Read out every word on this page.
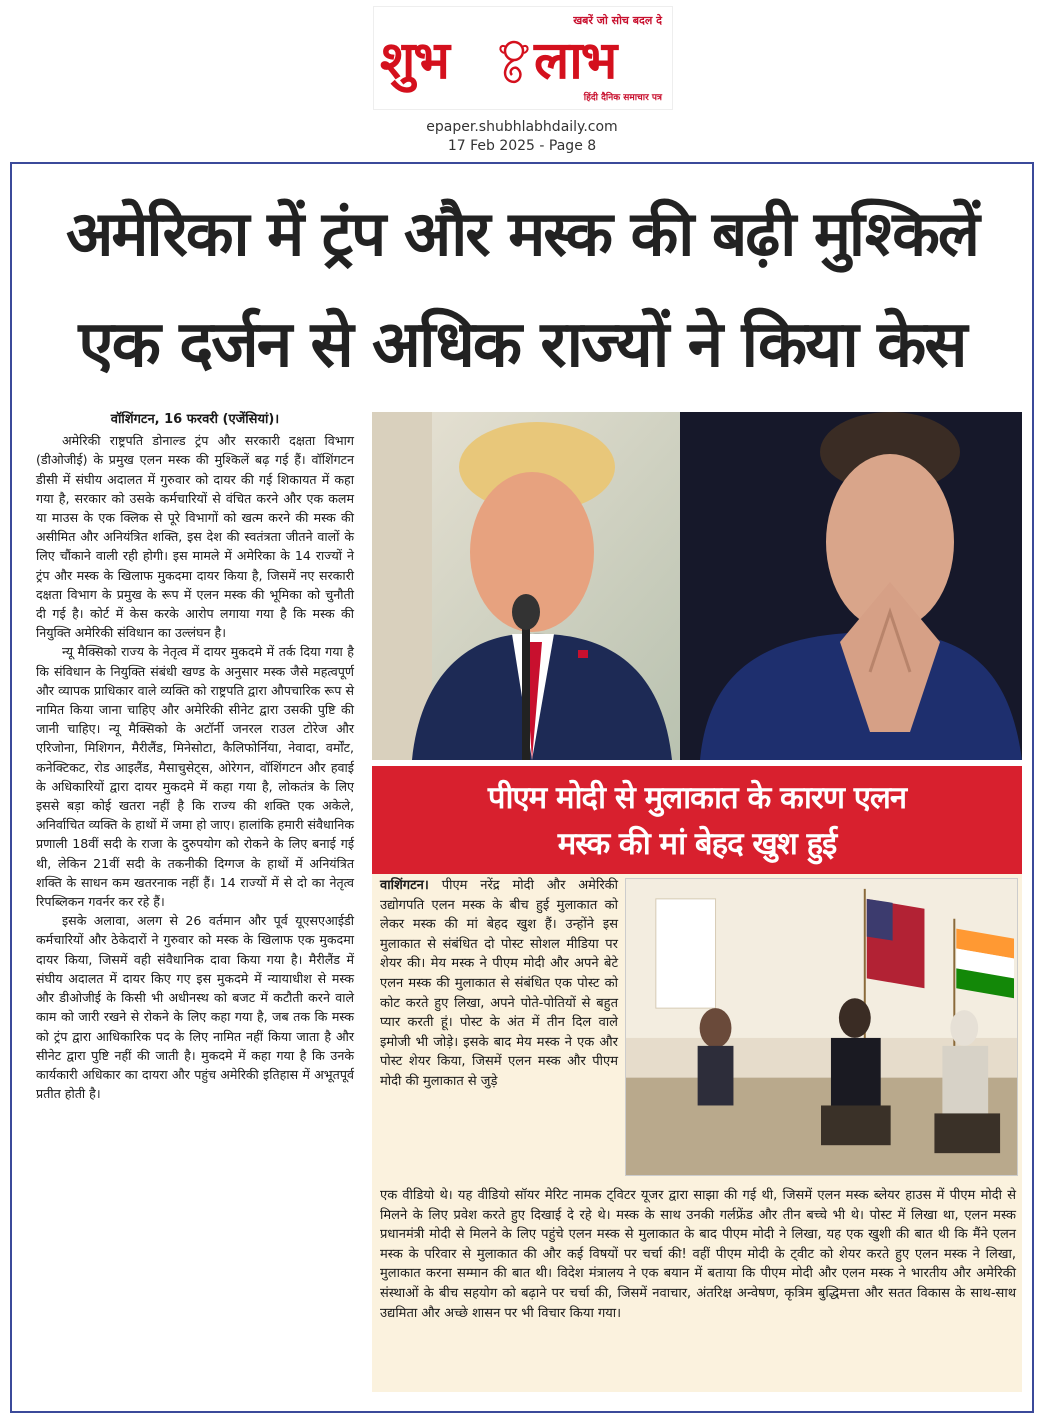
खबरें जो सोच बदल दे
शुभ लाभ
हिंदी दैनिक समाचार पत्र
epaper.shubhlabhdaily.com
17 Feb 2025 - Page 8
अमेरिका में ट्रंप और मस्क की बढ़ी मुश्किलें
एक दर्जन से अधिक राज्यों ने किया केस
वॉशिंगटन, 16 फरवरी (एजेंसियां)।

अमेरिकी राष्ट्रपति डोनाल्ड ट्रंप और सरकारी दक्षता विभाग (डीओजीई) के प्रमुख एलन मस्क की मुश्किलें बढ़ गई हैं। वॉशिंगटन डीसी में संघीय अदालत में गुरुवार को दायर की गई शिकायत में कहा गया है, सरकार को उसके कर्मचारियों से वंचित करने और एक कलम या माउस के एक क्लिक से पूरे विभागों को खत्म करने की मस्क की असीमित और अनियंत्रित शक्ति, इस देश की स्वतंत्रता जीतने वालों के लिए चौंकाने वाली रही होगी। इस मामले में अमेरिका के 14 राज्यों ने ट्रंप और मस्क के खिलाफ मुकदमा दायर किया है, जिसमें नए सरकारी दक्षता विभाग के प्रमुख के रूप में एलन मस्क की भूमिका को चुनौती दी गई है। कोर्ट में केस करके आरोप लगाया गया है कि मस्क की नियुक्ति अमेरिकी संविधान का उल्लंघन है।

न्यू मैक्सिको राज्य के नेतृत्व में दायर मुकदमे में तर्क दिया गया है कि संविधान के नियुक्ति संबंधी खण्ड के अनुसार मस्क जैसे महत्वपूर्ण और व्यापक प्राधिकार वाले व्यक्ति को राष्ट्रपति द्वारा औपचारिक रूप से नामित किया जाना चाहिए और अमेरिकी सीनेट द्वारा उसकी पुष्टि की जानी चाहिए। न्यू मैक्सिको के अटॉर्नी जनरल राउल टोरेज और एरिजोना, मिशिगन, मैरीलैंड, मिनेसोटा, कैलिफोर्निया, नेवादा, वर्मोंट, कनेक्टिकट, रोड आइलैंड, मैसाचुसेट्स, ओरेगन, वॉशिंगटन और हवाई के अधिकारियों द्वारा दायर मुकदमे में कहा गया है, लोकतंत्र के लिए इससे बड़ा कोई खतरा नहीं है कि राज्य की शक्ति एक अकेले, अनिर्वाचित व्यक्ति के हाथों में जमा हो जाए। हालांकि हमारी संवैधानिक प्रणाली 18वीं सदी के राजा के दुरुपयोग को रोकने के लिए बनाई गई थी, लेकिन 21वीं सदी के तकनीकी दिग्गज के हाथों में अनियंत्रित शक्ति के साधन कम खतरनाक नहीं हैं। 14 राज्यों में से दो का नेतृत्व रिपब्लिकन गवर्नर कर रहे हैं।

इसके अलावा, अलग से 26 वर्तमान और पूर्व यूएसएआईडी कर्मचारियों और ठेकेदारों ने गुरुवार को मस्क के खिलाफ एक मुकदमा दायर किया, जिसमें वही संवैधानिक दावा किया गया है। मैरीलैंड में संघीय अदालत में दायर किए गए इस मुकदमे में न्यायाधीश से मस्क और डीओजीई के किसी भी अधीनस्थ को बजट में कटौती करने वाले काम को जारी रखने से रोकने के लिए कहा गया है, जब तक कि मस्क को ट्रंप द्वारा आधिकारिक पद के लिए नामित नहीं किया जाता है और सीनेट द्वारा पुष्टि नहीं की जाती है। मुकदमे में कहा गया है कि उनके कार्यकारी अधिकार का दायरा और पहुंच अमेरिकी इतिहास में अभूतपूर्व प्रतीत होती है।

पीएम मोदी से मुलाकात के कारण एलन
मस्क की मां बेहद खुश हुई
वाशिंगटन। पीएम नरेंद्र मोदी और अमेरिकी उद्योगपति एलन मस्क के बीच हुई मुलाकात को लेकर मस्क की मां बेहद खुश हैं। उन्होंने इस मुलाकात से संबंधित दो पोस्ट सोशल मीडिया पर शेयर की। मेय मस्क ने पीएम मोदी और अपने बेटे एलन मस्क की मुलाकात से संबंधित एक पोस्ट को कोट करते हुए लिखा, अपने पोते-पोतियों से बहुत प्यार करती हूं। पोस्ट के अंत में तीन दिल वाले इमोजी भी जोड़े। इसके बाद मेय मस्क ने एक और पोस्ट शेयर किया, जिसमें एलन मस्क और पीएम मोदी की मुलाकात से जुड़े
एक वीडियो थे। यह वीडियो सॉयर मेरिट नामक ट्विटर यूजर द्वारा साझा की गई थी, जिसमें एलन मस्क ब्लेयर हाउस में पीएम मोदी से मिलने के लिए प्रवेश करते हुए दिखाई दे रहे थे। मस्क के साथ उनकी गर्लफ्रेंड और तीन बच्चे भी थे। पोस्ट में लिखा था, एलन मस्क प्रधानमंत्री मोदी से मिलने के लिए पहुंचे एलन मस्क से मुलाकात के बाद पीएम मोदी ने लिखा, यह एक खुशी की बात थी कि मैंने एलन मस्क के परिवार से मुलाकात की और कई विषयों पर चर्चा की! वहीं पीएम मोदी के ट्वीट को शेयर करते हुए एलन मस्क ने लिखा, मुलाकात करना सम्मान की बात थी। विदेश मंत्रालय ने एक बयान में बताया कि पीएम मोदी और एलन मस्क ने भारतीय और अमेरिकी संस्थाओं के बीच सहयोग को बढ़ाने पर चर्चा की, जिसमें नवाचार, अंतरिक्ष अन्वेषण, कृत्रिम बुद्धिमत्ता और सतत विकास के साथ-साथ उद्यमिता और अच्छे शासन पर भी विचार किया गया।
